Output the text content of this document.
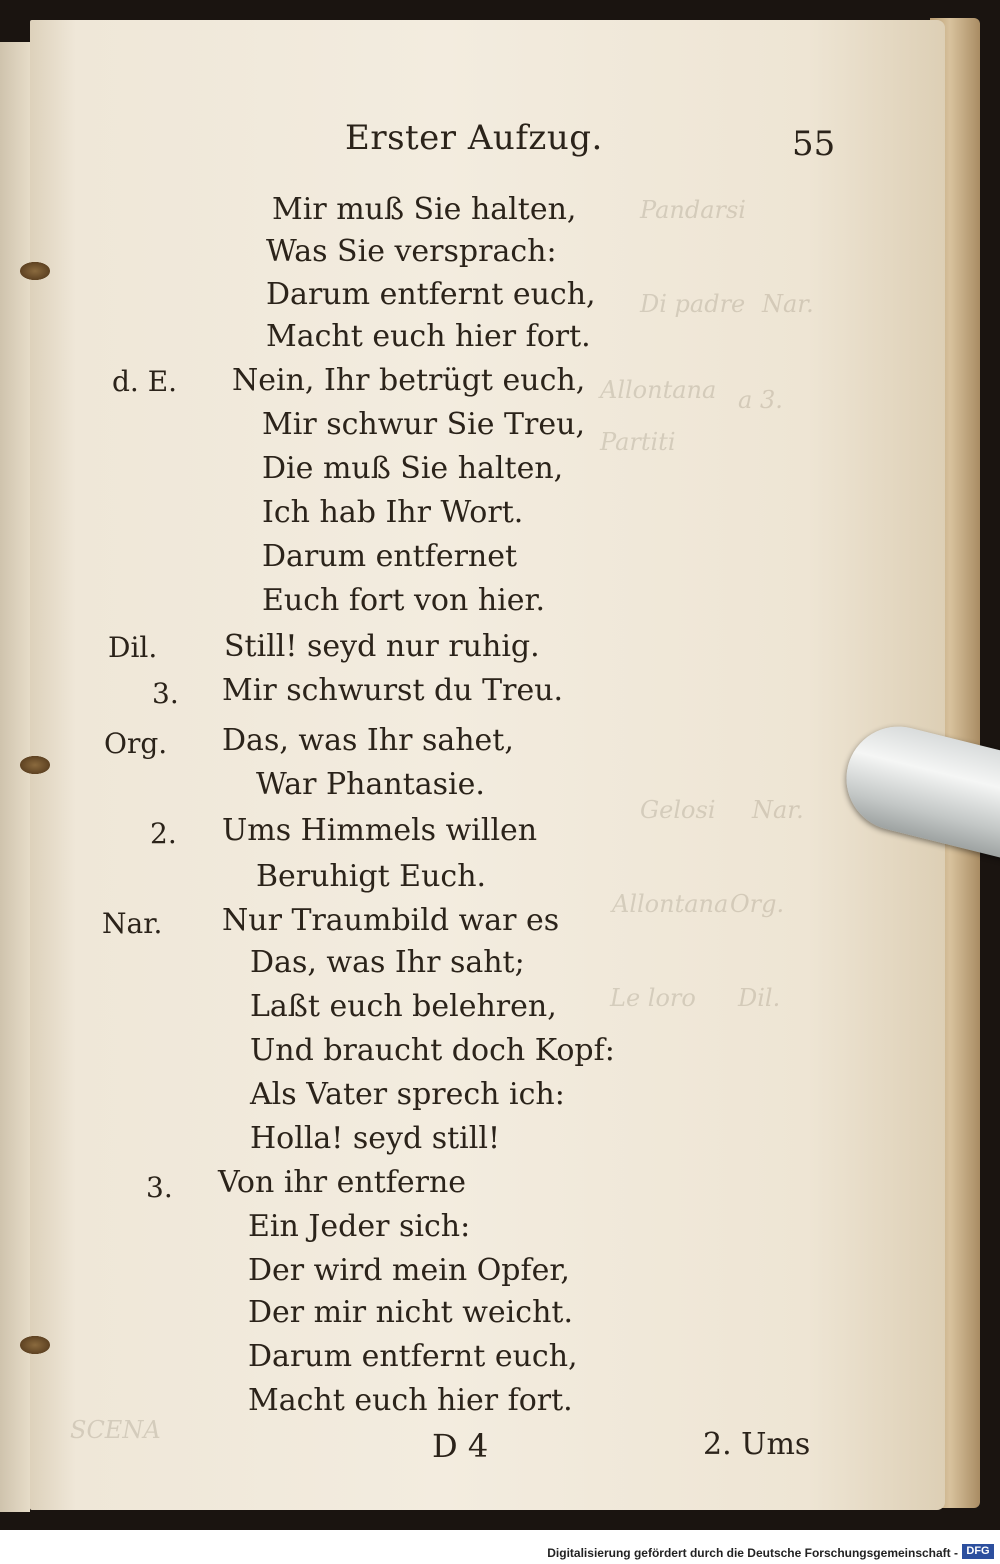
Pandarsi
Nar.
Di padre
a 3.
Allontana
Partiti
Nar.
Gelosi
Org.
Allontana
Dil.
Le loro
SCENA
Erster Aufzug.	55
Mir muß Sie halten,
Was Sie versprach:
Darum entfernt euch,
Macht euch hier fort.
d. E. Nein, Ihr betrügt euch,
Mir schwur Sie Treu,
Die muß Sie halten,
Ich hab Ihr Wort.
Darum entfernet
Euch fort von hier.
Dil. Still! seyd nur ruhig.
3. Mir schwurst du Treu.
Org. Das, was Ihr sahet,
War Phantasie.
2. Ums Himmels willen
Beruhigt Euch.
Nar. Nur Traumbild war es
Das, was Ihr saht;
Laßt euch belehren,
Und braucht doch Kopf:
Als Vater sprech ich:
Holla! seyd still!
3. Von ihr entferne
Ein Jeder sich:
Der wird mein Opfer,
Der mir nicht weicht.
Darum entfernt euch,
Macht euch hier fort.
D 4	2. Ums
Digitalisierung gefördert durch die Deutsche Forschungsgemeinschaft - DFG
